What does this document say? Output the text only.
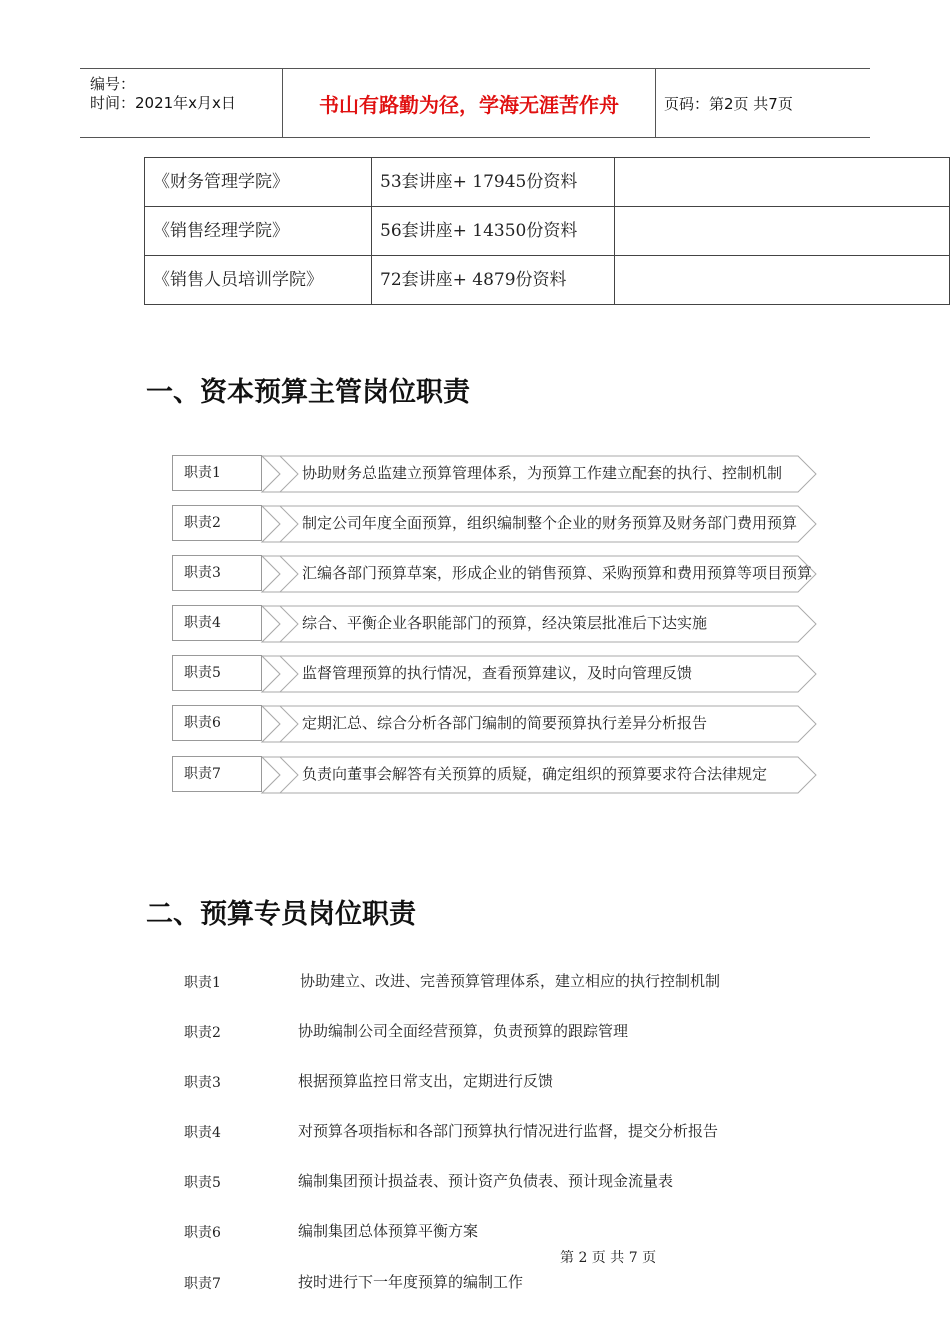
编号：
时间：2021年x月x日	书山有路勤为径，学海无涯苦作舟	页码：第2页 共7页
《财务管理学院》	53套讲座+ 17945份资料	

《销售经理学院》	56套讲座+ 14350份资料	
《销售人员培训学院》	72套讲座+ 4879份资料	
一、资本预算主管岗位职责
职责1	协助财务总监建立预算管理体系，为预算工作建立配套的执行、控制机制
职责2	制定公司年度全面预算，组织编制整个企业的财务预算及财务部门费用预算
职责3	汇编各部门预算草案，形成企业的销售预算、采购预算和费用预算等项目预算
职责4	综合、平衡企业各职能部门的预算，经决策层批准后下达实施
职责5	监督管理预算的执行情况，查看预算建议，及时向管理反馈
职责6	定期汇总、综合分析各部门编制的简要预算执行差异分析报告
职责7	负责向董事会解答有关预算的质疑，确定组织的预算要求符合法律规定
二、预算专员岗位职责
职责1	协助建立、改进、完善预算管理体系，建立相应的执行控制机制
职责2	协助编制公司全面经营预算，负责预算的跟踪管理
职责3	根据预算监控日常支出，定期进行反馈
职责4	对预算各项指标和各部门预算执行情况进行监督，提交分析报告
职责5	编制集团预计损益表、预计资产负债表、预计现金流量表
职责6	编制集团总体预算平衡方案
职责7	按时进行下一年度预算的编制工作
第 2 页 共 7 页
